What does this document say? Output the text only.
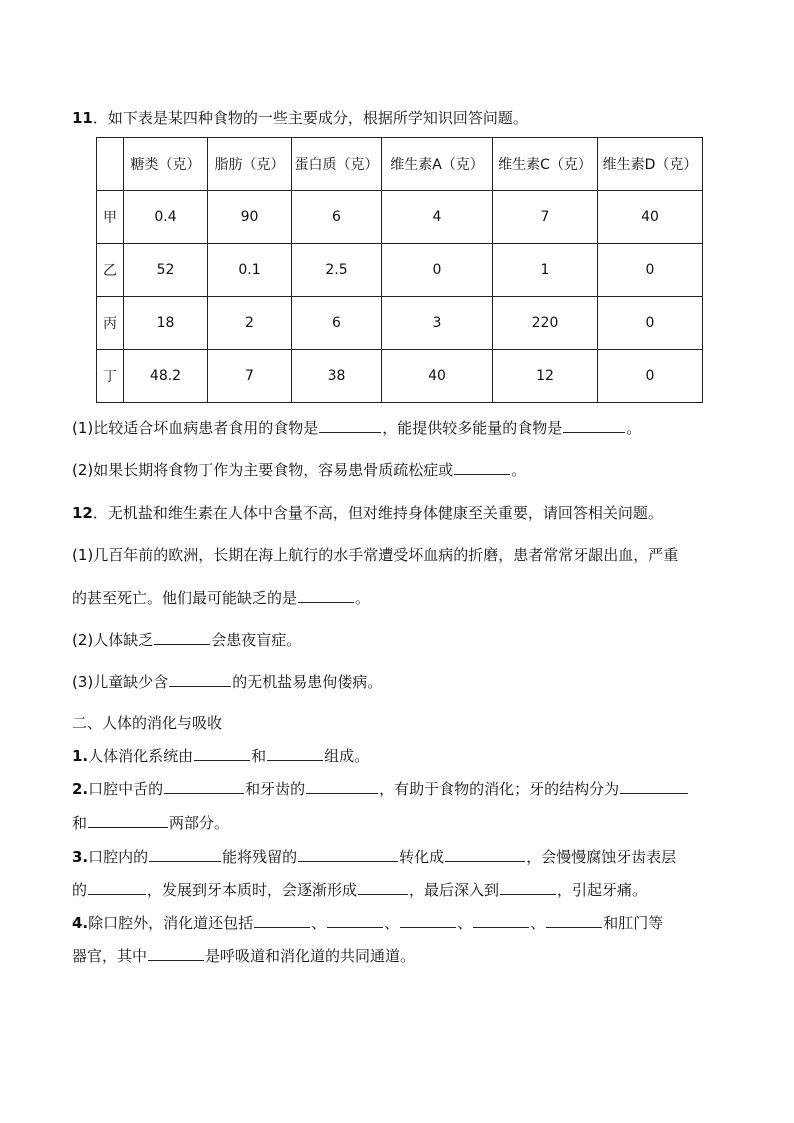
11．如下表是某四种食物的一些主要成分，根据所学知识回答问题。
	糖类（克）	脂肪（克）	蛋白质（克）	维生素A（克）	维生素C（克）	维生素D（克）
甲	0.4	90	6	4	7	40
乙	52	0.1	2.5	0	1	0
丙	18	2	6	3	220	0
丁	48.2	7	38	40	12	0
(1)比较适合坏血病患者食用的食物是	，能提供较多能量的食物是	。
(2)如果长期将食物丁作为主要食物，容易患骨质疏松症或	。
12．无机盐和维生素在人体中含量不高，但对维持身体健康至关重要，请回答相关问题。
(1)几百年前的欧洲，长期在海上航行的水手常遭受坏血病的折磨，患者常常牙龈出血，严重
的甚至死亡。他们最可能缺乏的是	。
(2)人体缺乏	会患夜盲症。
(3)儿童缺少含	的无机盐易患佝偻病。
二、人体的消化与吸收
1.人体消化系统由	和	组成。
2.口腔中舌的	和牙齿的	，有助于食物的消化；牙的结构分为
和	两部分。
3.口腔内的	能将残留的	转化成	，会慢慢腐蚀牙齿表层
的	，发展到牙本质时，会逐渐形成	，最后深入到	，引起牙痛。
4.除口腔外，消化道还包括	、	、	、	、	和肛门等
器官，其中	是呼吸道和消化道的共同通道。
